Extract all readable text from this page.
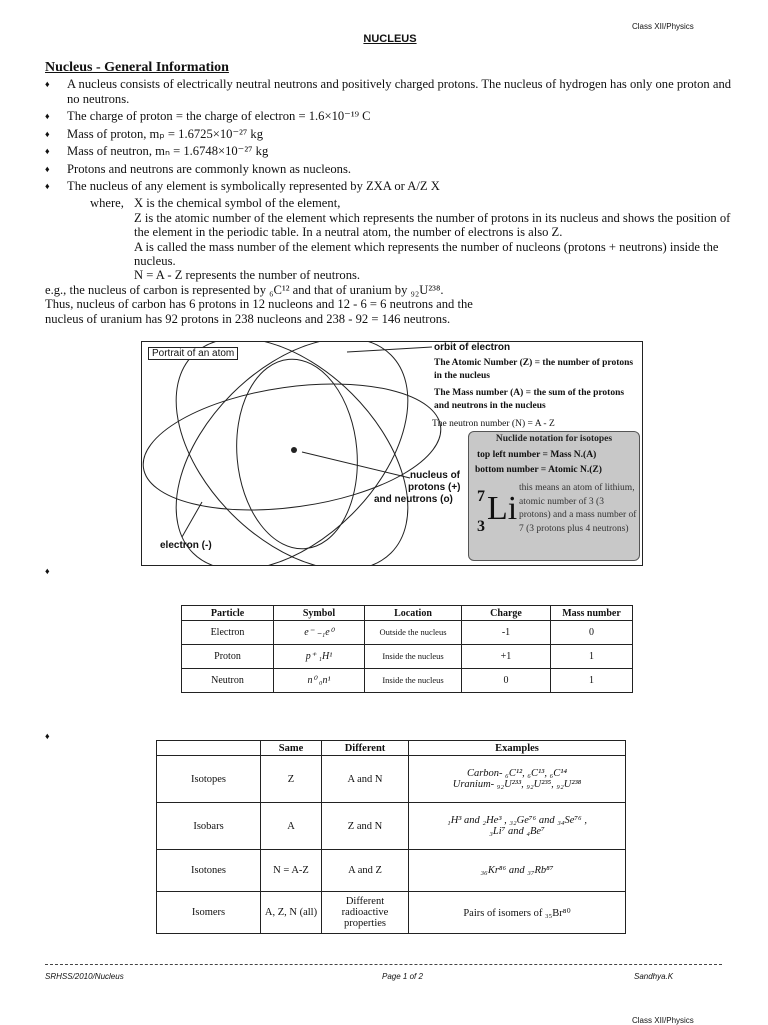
Class XII/Physics
NUCLEUS
Nucleus - General Information
♦ A nucleus consists of electrically neutral neutrons and positively charged protons. The nucleus of hydrogen has only one proton and no neutrons.
♦ The charge of proton = the charge of electron = 1.6×10⁻¹⁹ C
♦ Mass of proton, mₚ = 1.6725×10⁻²⁷ kg
♦ Mass of neutron, mₙ = 1.6748×10⁻²⁷ kg
♦ Protons and neutrons are commonly known as nucleons.
♦ The nucleus of any element is symbolically represented by ZXA or A/Z X
where, X is the chemical symbol of the element,
Z is the atomic number of the element which represents the number of protons in its nucleus and shows the position of the element in the periodic table. In a neutral atom, the number of electrons is also Z.
A is called the mass number of the element which represents the number of nucleons (protons + neutrons) inside the nucleus.
N = A - Z represents the number of neutrons.
e.g., the nucleus of carbon is represented by ₆C¹² and that of uranium by ₉₂U²³⁸.
Thus, nucleus of carbon has 6 protons in 12 nucleons and 12 - 6 = 6 neutrons and the
nucleus of uranium has 92 protons in 238 nucleons and 238 - 92 = 146 neutrons.
Portrait of an atom
orbit of electron
The Atomic Number (Z) = the number of protons in the nucleus
The Mass number (A) = the sum of the protons and neutrons in the nucleus
The neutron number (N) = A - Z
nucleus of
protons (+)
and neutrons (o)
electron (-)
Nuclide notation for isotopes
top left number = Mass N.(A)
bottom number = Atomic N.(Z)
7
3 Li
this means an atom of lithium, atomic number of 3 (3 protons) and a mass number of 7 (3 protons plus 4 neutrons)
♦
Particle	Symbol	Location	Charge	Mass number
Electron	e⁻ ₋₁e⁰	Outside the nucleus	-1	0
Proton	p⁺ ₁H¹	Inside the nucleus	+1	1
Neutron	n⁰ ₀n¹	Inside the nucleus	0	1
♦
	Same	Different	Examples
Isotopes	Z	A and N	Carbon- ₆C¹², ₆C¹³, ₆C¹⁴
Uranium- ₉₂U²³³, ₉₂U²³⁵, ₉₂U²³⁸

Isobars	A	Z and N	₁H³ and ₂He³ , ₃₂Ge⁷⁶ and ₃₄Se⁷⁶ ,
₃Li⁷ and ₄Be⁷

Isotones	N = A-Z	A and Z	₃₆Kr⁸⁶ and ₃₇Rb⁸⁷
Isomers	A, Z, N (all)	Different radioactive properties	Pairs of isomers of ₃₅Br⁸⁰
SRHSS/2010/Nucleus	Page 1 of 2	Sandhya.K
Class XII/Physics
